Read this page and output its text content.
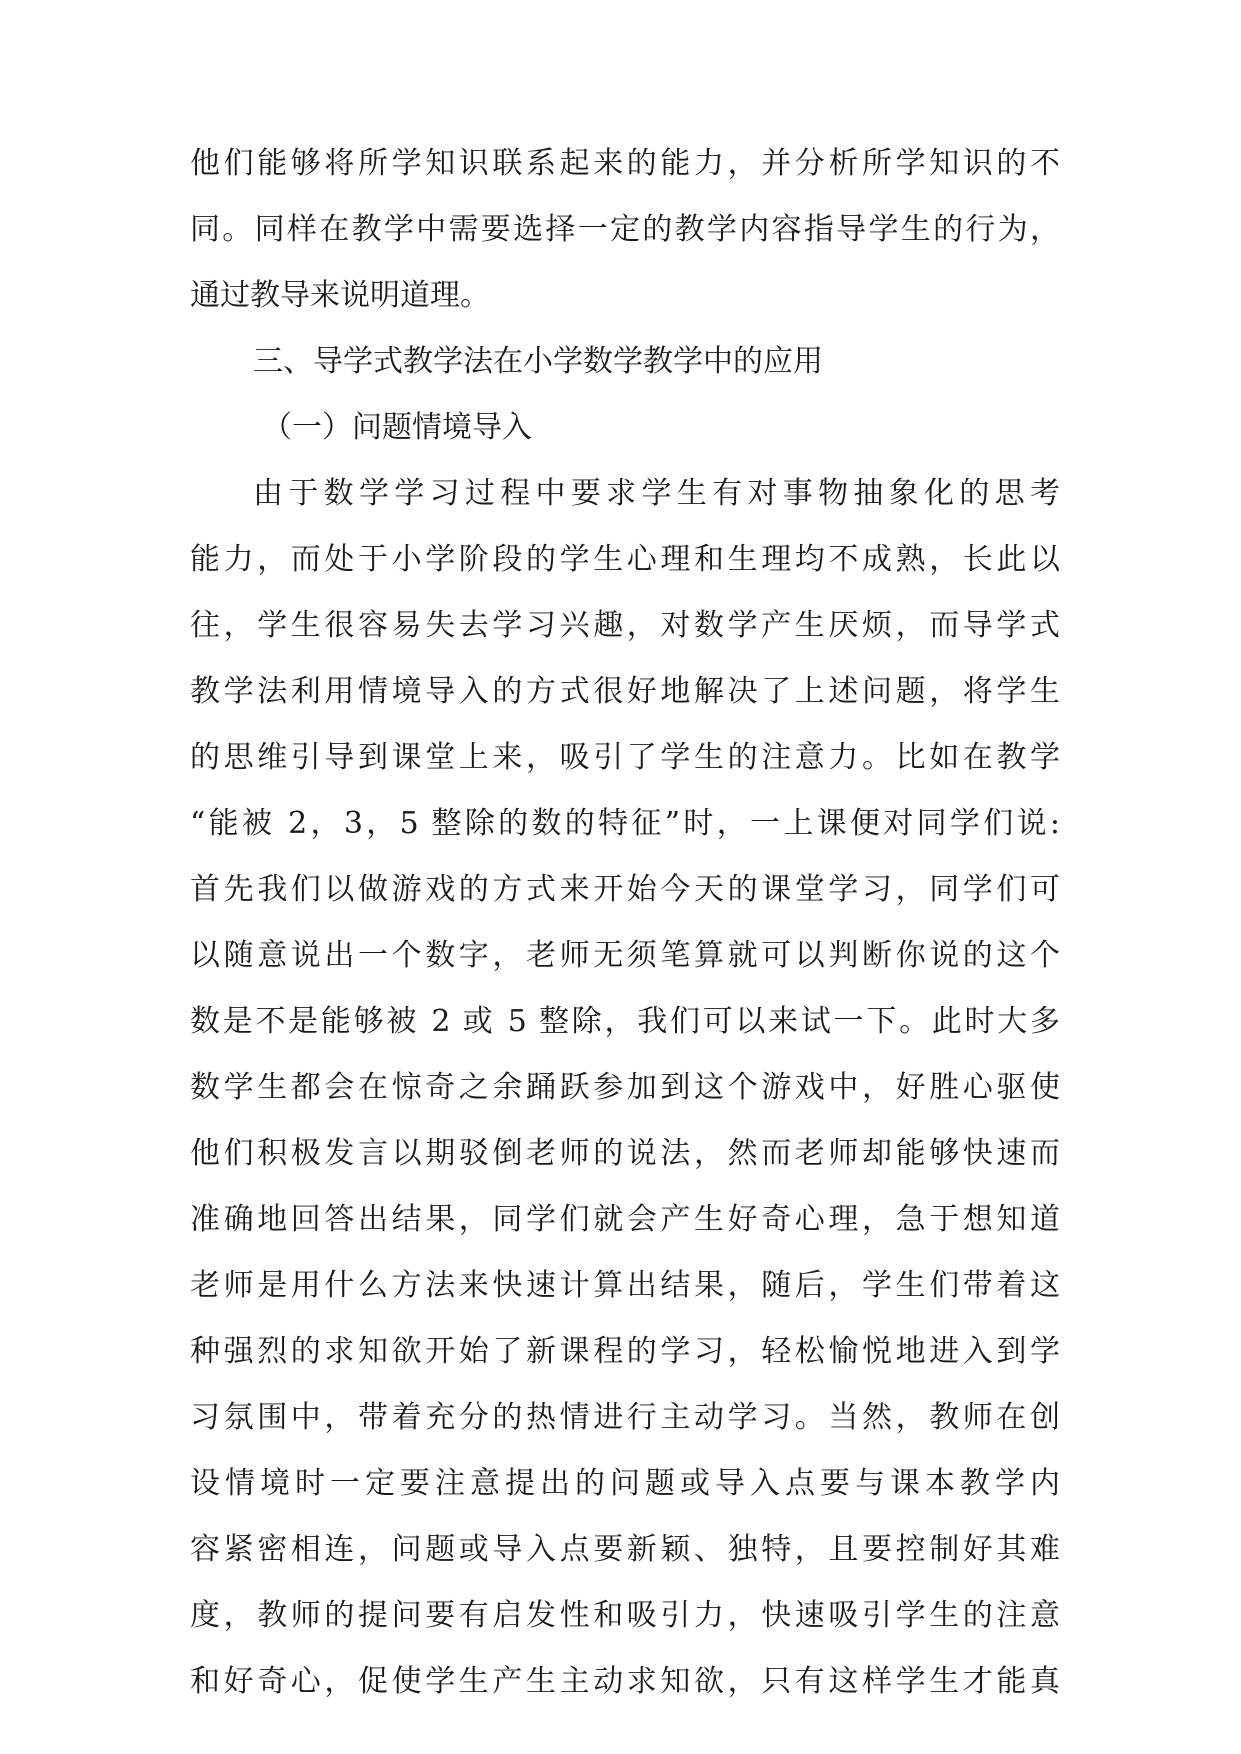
他们能够将所学知识联系起来的能力，并分析所学知识的不
同。同样在教学中需要选择一定的教学内容指导学生的行为，
通过教导来说明道理。
三、导学式教学法在小学数学教学中的应用
（一）问题情境导入
由于数学学习过程中要求学生有对事物抽象化的思考
能力，而处于小学阶段的学生心理和生理均不成熟，长此以
往，学生很容易失去学习兴趣，对数学产生厌烦，而导学式
教学法利用情境导入的方式很好地解决了上述问题，将学生
的思维引导到课堂上来，吸引了学生的注意力。比如在教学
“能被 2，3，5 整除的数的特征”时，一上课便对同学们说:
首先我们以做游戏的方式来开始今天的课堂学习，同学们可
以随意说出一个数字，老师无须笔算就可以判断你说的这个
数是不是能够被 2 或 5 整除，我们可以来试一下。此时大多
数学生都会在惊奇之余踊跃参加到这个游戏中，好胜心驱使
他们积极发言以期驳倒老师的说法，然而老师却能够快速而
准确地回答出结果，同学们就会产生好奇心理，急于想知道
老师是用什么方法来快速计算出结果，随后，学生们带着这
种强烈的求知欲开始了新课程的学习，轻松愉悦地进入到学
习氛围中，带着充分的热情进行主动学习。当然，教师在创
设情境时一定要注意提出的问题或导入点要与课本教学内
容紧密相连，问题或导入点要新颖、独特，且要控制好其难
度，教师的提问要有启发性和吸引力，快速吸引学生的注意
和好奇心，促使学生产生主动求知欲，只有这样学生才能真
